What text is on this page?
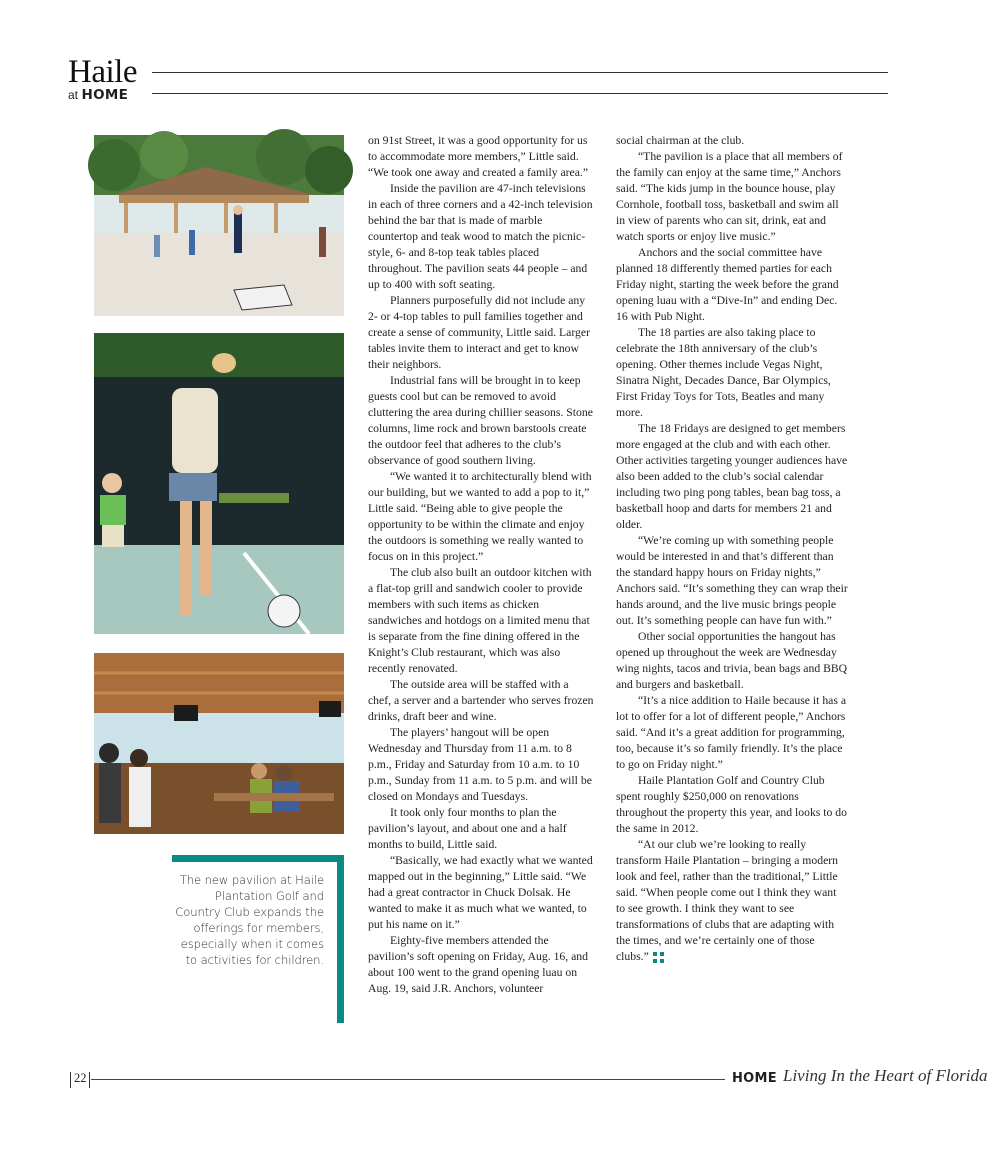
Haile
at HOME
The new pavilion at Haile Plantation Golf and Country Club expands the offerings for members, especially when it comes to activities for children.

on 91st Street, it was a good opportunity for us to accommodate more members,” Little said. “We took one away and created a family area.”

Inside the pavilion are 47-inch televisions in each of three corners and a 42-inch television behind the bar that is made of marble countertop and teak wood to match the picnic-style, 6- and 8-top teak tables placed throughout. The pavilion seats 44 people – and up to 400 with soft seating.

Planners purposefully did not include any 2- or 4-top tables to pull families together and create a sense of community, Little said. Larger tables invite them to interact and get to know their neighbors.

Industrial fans will be brought in to keep guests cool but can be removed to avoid cluttering the area during chillier seasons. Stone columns, lime rock and brown barstools create the outdoor feel that adheres to the club’s observance of good southern living.

“We wanted it to architecturally blend with our building, but we wanted to add a pop to it,” Little said. “Being able to give people the opportunity to be within the climate and enjoy the outdoors is something we really wanted to focus on in this project.”

The club also built an outdoor kitchen with a flat-top grill and sandwich cooler to provide members with such items as chicken sandwiches and hotdogs on a limited menu that is separate from the fine dining offered in the Knight’s Club restaurant, which was also recently renovated.

The outside area will be staffed with a chef, a server and a bartender who serves frozen drinks, draft beer and wine.

The players’ hangout will be open Wednesday and Thursday from 11 a.m. to 8 p.m., Friday and Saturday from 10 a.m. to 10 p.m., Sunday from 11 a.m. to 5 p.m. and will be closed on Mondays and Tuesdays.

It took only four months to plan the pavilion’s layout, and about one and a half months to build, Little said.

“Basically, we had exactly what we wanted mapped out in the beginning,” Little said. “We had a great contractor in Chuck Dolsak. He wanted to make it as much what we wanted, to put his name on it.”

Eighty-five members attended the pavilion’s soft opening on Friday, Aug. 16, and about 100 went to the grand opening luau on Aug. 19, said J.R. Anchors, volunteer

social chairman at the club.

“The pavilion is a place that all members of the family can enjoy at the same time,” Anchors said. “The kids jump in the bounce house, play Cornhole, football toss, basketball and swim all in view of parents who can sit, drink, eat and watch sports or enjoy live music.”

Anchors and the social committee have planned 18 differently themed parties for each Friday night, starting the week before the grand opening luau with a “Dive-In” and ending Dec. 16 with Pub Night.

The 18 parties are also taking place to celebrate the 18th anniversary of the club’s opening. Other themes include Vegas Night, Sinatra Night, Decades Dance, Bar Olympics, First Friday Toys for Tots, Beatles and many more.

The 18 Fridays are designed to get members more engaged at the club and with each other. Other activities targeting younger audiences have also been added to the club’s social calendar including two ping pong tables, bean bag toss, a basketball hoop and darts for members 21 and older.

“We’re coming up with something people would be interested in and that’s different than the standard happy hours on Friday nights,” Anchors said. “It’s something they can wrap their hands around, and the live music brings people out. It’s something people can have fun with.”

Other social opportunities the hangout has opened up throughout the week are Wednesday wing nights, tacos and trivia, bean bags and BBQ and burgers and basketball.

“It’s a nice addition to Haile because it has a lot to offer for a lot of different people,” Anchors said. “And it’s a great addition for programming, too, because it’s so family friendly. It’s the place to go on Friday night.”

Haile Plantation Golf and Country Club spent roughly $250,000 on renovations throughout the property this year, and looks to do the same in 2012.

“At our club we’re looking to really transform Haile Plantation – bringing a modern look and feel, rather than the traditional,” Little said. “When people come out I think they want to see growth. I think they want to see transformations of clubs that are adapting with the times, and we’re certainly one of those clubs.”

22	HOME Living In the Heart of Florida
